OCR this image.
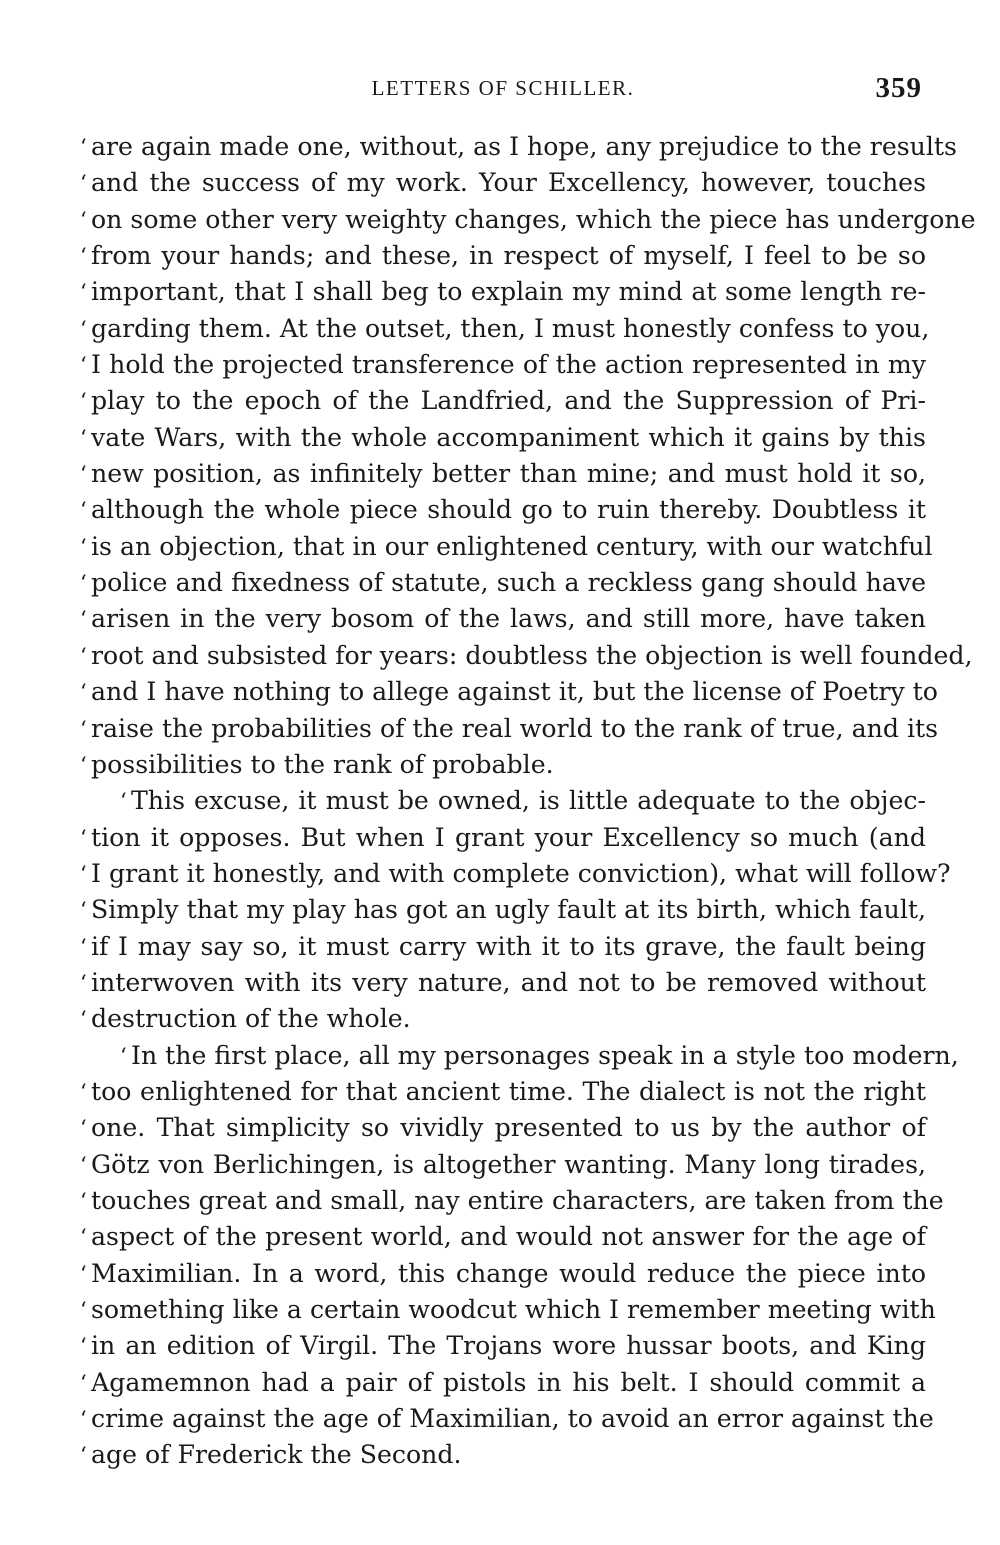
LETTERS OF SCHILLER.	359
‘ are again made one, without, as I hope, any prejudice to the results
‘ and the success of my work. Your Excellency, however, touches
‘ on some other very weighty changes, which the piece has undergone
‘ from your hands; and these, in respect of myself, I feel to be so
‘ important, that I shall beg to explain my mind at some length re-
‘ garding them. At the outset, then, I must honestly confess to you,
‘ I hold the projected transference of the action represented in my
‘ play to the epoch of the Landfried, and the Suppression of Pri-
‘ vate Wars, with the whole accompaniment which it gains by this
‘ new position, as infinitely better than mine; and must hold it so,
‘ although the whole piece should go to ruin thereby. Doubtless it
‘ is an objection, that in our enlightened century, with our watchful
‘ police and fixedness of statute, such a reckless gang should have
‘ arisen in the very bosom of the laws, and still more, have taken
‘ root and subsisted for years: doubtless the objection is well founded,
‘ and I have nothing to allege against it, but the license of Poetry to
‘ raise the probabilities of the real world to the rank of true, and its
‘ possibilities to the rank of probable.
‘ This excuse, it must be owned, is little adequate to the objec-
‘ tion it opposes. But when I grant your Excellency so much (and
‘ I grant it honestly, and with complete conviction), what will follow?
‘ Simply that my play has got an ugly fault at its birth, which fault,
‘ if I may say so, it must carry with it to its grave, the fault being
‘ interwoven with its very nature, and not to be removed without
‘ destruction of the whole.
‘ In the first place, all my personages speak in a style too modern,
‘ too enlightened for that ancient time. The dialect is not the right
‘ one. That simplicity so vividly presented to us by the author of
‘ Götz von Berlichingen, is altogether wanting. Many long tirades,
‘ touches great and small, nay entire characters, are taken from the
‘ aspect of the present world, and would not answer for the age of
‘ Maximilian. In a word, this change would reduce the piece into
‘ something like a certain woodcut which I remember meeting with
‘ in an edition of Virgil. The Trojans wore hussar boots, and King
‘ Agamemnon had a pair of pistols in his belt. I should commit a
‘ crime against the age of Maximilian, to avoid an error against the
‘ age of Frederick the Second.
